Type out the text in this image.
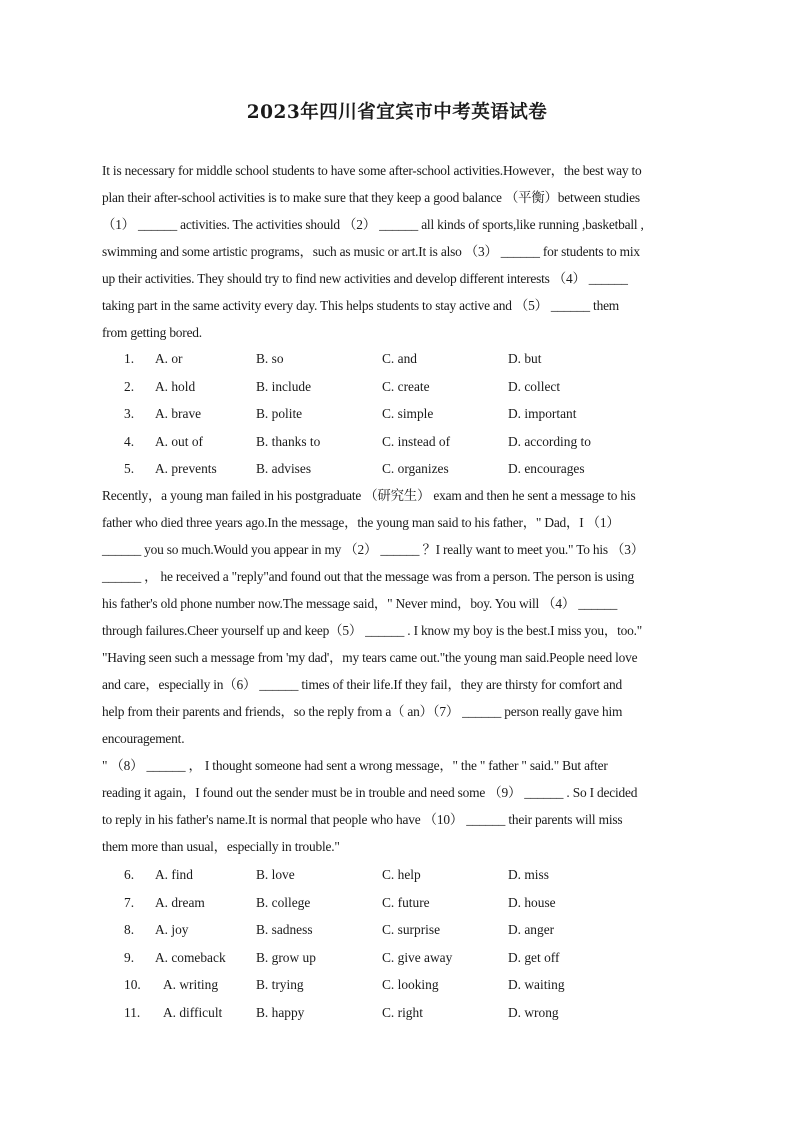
2023年四川省宜宾市中考英语试卷

It is necessary for middle school students to have some after-school activities.However，the best way to

plan their after-school activities is to make sure that they keep a good balance （平衡）between studies

（1） ______ activities. The activities should （2） ______ all kinds of sports,like running ,basketball ,

swimming and some artistic programs，such as music or art.It is also （3） ______ for students to mix

up their activities. They should try to find new activities and develop different interests （4） ______

taking part in the same activity every day. This helps students to stay active and （5） ______ them

from getting bored.

1. A. or	B. so	C. and	D. but
2. A. hold	B. include	C. create	D. collect
3. A. brave	B. polite	C. simple	D. important
4. A. out of	B. thanks to	C. instead of	D. according to
5. A. prevents	B. advises	C. organizes	D. encourages

Recently，a young man failed in his postgraduate （研究生） exam and then he sent a message to his

father who died three years ago.In the message，the young man said to his father，" Dad，I （1）

______ you so much.Would you appear in my （2） ______ ？I really want to meet you." To his （3）

______ ， he received a "reply"and found out that the message was from a person. The person is using

his father's old phone number now.The message said，" Never mind，boy. You will （4） ______

through failures.Cheer yourself up and keep（5） ______ . I know my boy is the best.I miss you，too."

"Having seen such a message from 'my dad'，my tears came out."the young man said.People need love

and care，especially in（6） ______ times of their life.If they fail，they are thirsty for comfort and

help from their parents and friends，so the reply from a（ an）（7） ______ person really gave him

encouragement.

" （8） ______ ， I thought someone had sent a wrong message，" the " father " said." But after

reading it again，I found out the sender must be in trouble and need some （9） ______ . So I decided

to reply in his father's name.It is normal that people who have （10） ______ their parents will miss

them more than usual，especially in trouble."

6. A. find	B. love	C. help	D. miss
7. A. dream	B. college	C. future	D. house
8. A. joy	B. sadness	C. surprise	D. anger
9. A. comeback B. grow up	C. give away	D. get off
10. A. writing	B. trying	C. looking	D. waiting
11. A. difficult	B. happy	C. right	D. wrong
